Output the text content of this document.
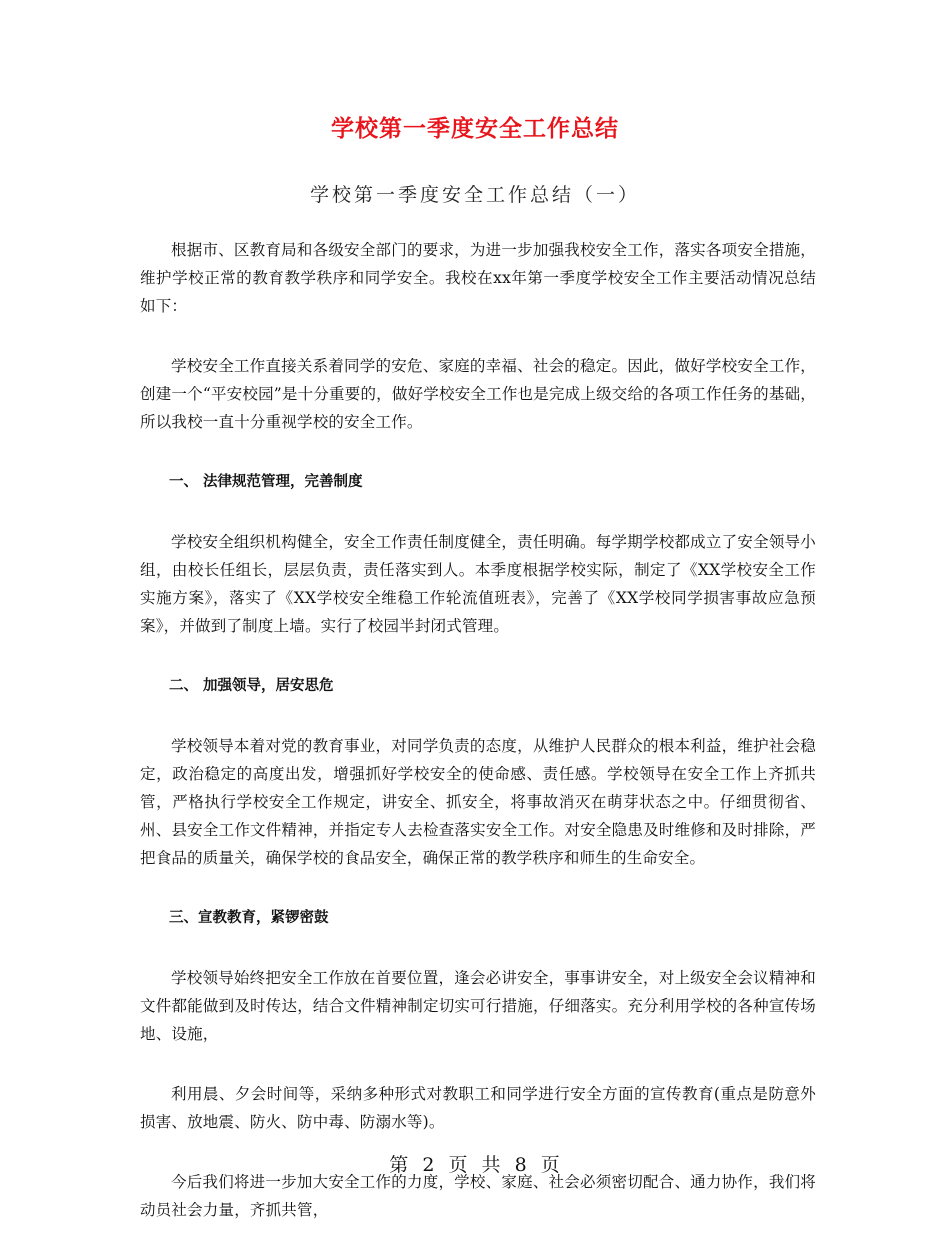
学校第一季度安全工作总结
学校第一季度安全工作总结（一）

根据市、区教育局和各级安全部门的要求，为进一步加强我校安全工作，落实各项安全措施，维护学校正常的教育教学秩序和同学安全。我校在xx年第一季度学校安全工作主要活动情况总结如下：

学校安全工作直接关系着同学的安危、家庭的幸福、社会的稳定。因此，做好学校安全工作，创建一个“平安校园”是十分重要的，做好学校安全工作也是完成上级交给的各项工作任务的基础，所以我校一直十分重视学校的安全工作。

一、 法律规范管理，完善制度

学校安全组织机构健全，安全工作责任制度健全，责任明确。每学期学校都成立了安全领导小组，由校长任组长，层层负责，责任落实到人。本季度根据学校实际，制定了《XX学校安全工作实施方案》，落实了《XX学校安全维稳工作轮流值班表》，完善了《XX学校同学损害事故应急预案》，并做到了制度上墙。实行了校园半封闭式管理。

二、 加强领导，居安思危

学校领导本着对党的教育事业，对同学负责的态度，从维护人民群众的根本利益，维护社会稳定，政治稳定的高度出发，增强抓好学校安全的使命感、责任感。学校领导在安全工作上齐抓共管，严格执行学校安全工作规定，讲安全、抓安全，将事故消灭在萌芽状态之中。仔细贯彻省、州、县安全工作文件精神，并指定专人去检查落实安全工作。对安全隐患及时维修和及时排除，严把食品的质量关，确保学校的食品安全，确保正常的教学秩序和师生的生命安全。

三、宣教教育，紧锣密鼓

学校领导始终把安全工作放在首要位置，逢会必讲安全，事事讲安全，对上级安全会议精神和文件都能做到及时传达，结合文件精神制定切实可行措施，仔细落实。充分利用学校的各种宣传场地、设施，

利用晨、夕会时间等，采纳多种形式对教职工和同学进行安全方面的宣传教育(重点是防意外损害、放地震、防火、防中毒、防溺水等)。

今后我们将进一步加大安全工作的力度，学校、家庭、社会必须密切配合、通力协作，我们将动员社会力量，齐抓共管，

第 2 页 共 8 页
